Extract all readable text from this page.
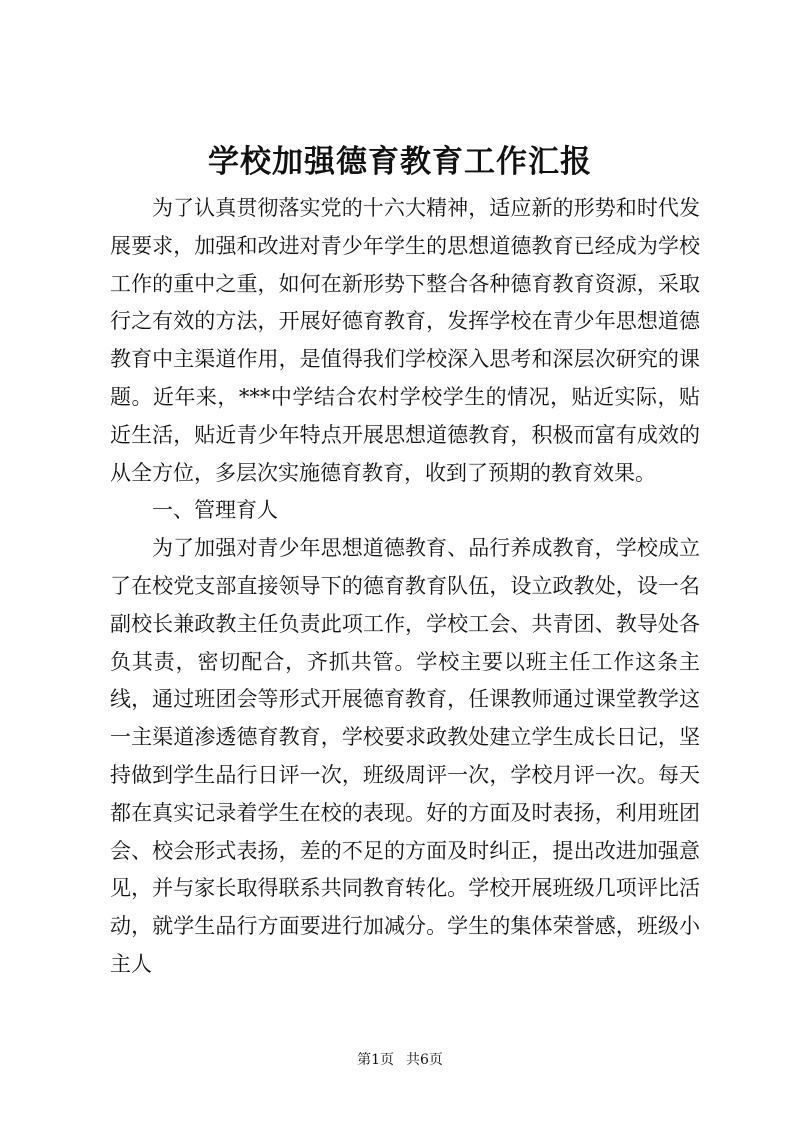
学校加强德育教育工作汇报

为了认真贯彻落实党的十六大精神，适应新的形势和时代发展要求，加强和改进对青少年学生的思想道德教育已经成为学校工作的重中之重，如何在新形势下整合各种德育教育资源，采取行之有效的方法，开展好德育教育，发挥学校在青少年思想道德教育中主渠道作用，是值得我们学校深入思考和深层次研究的课题。近年来，***中学结合农村学校学生的情况，贴近实际，贴近生活，贴近青少年特点开展思想道德教育，积极而富有成效的从全方位，多层次实施德育教育，收到了预期的教育效果。

一、管理育人

为了加强对青少年思想道德教育、品行养成教育，学校成立了在校党支部直接领导下的德育教育队伍，设立政教处，设一名副校长兼政教主任负责此项工作，学校工会、共青团、教导处各负其责，密切配合，齐抓共管。学校主要以班主任工作这条主线，通过班团会等形式开展德育教育，任课教师通过课堂教学这一主渠道渗透德育教育，学校要求政教处建立学生成长日记，坚持做到学生品行日评一次，班级周评一次，学校月评一次。每天都在真实记录着学生在校的表现。好的方面及时表扬，利用班团会、校会形式表扬，差的不足的方面及时纠正，提出改进加强意见，并与家长取得联系共同教育转化。学校开展班级几项评比活动，就学生品行方面要进行加减分。学生的集体荣誉感，班级小主人

第1页 共6页
